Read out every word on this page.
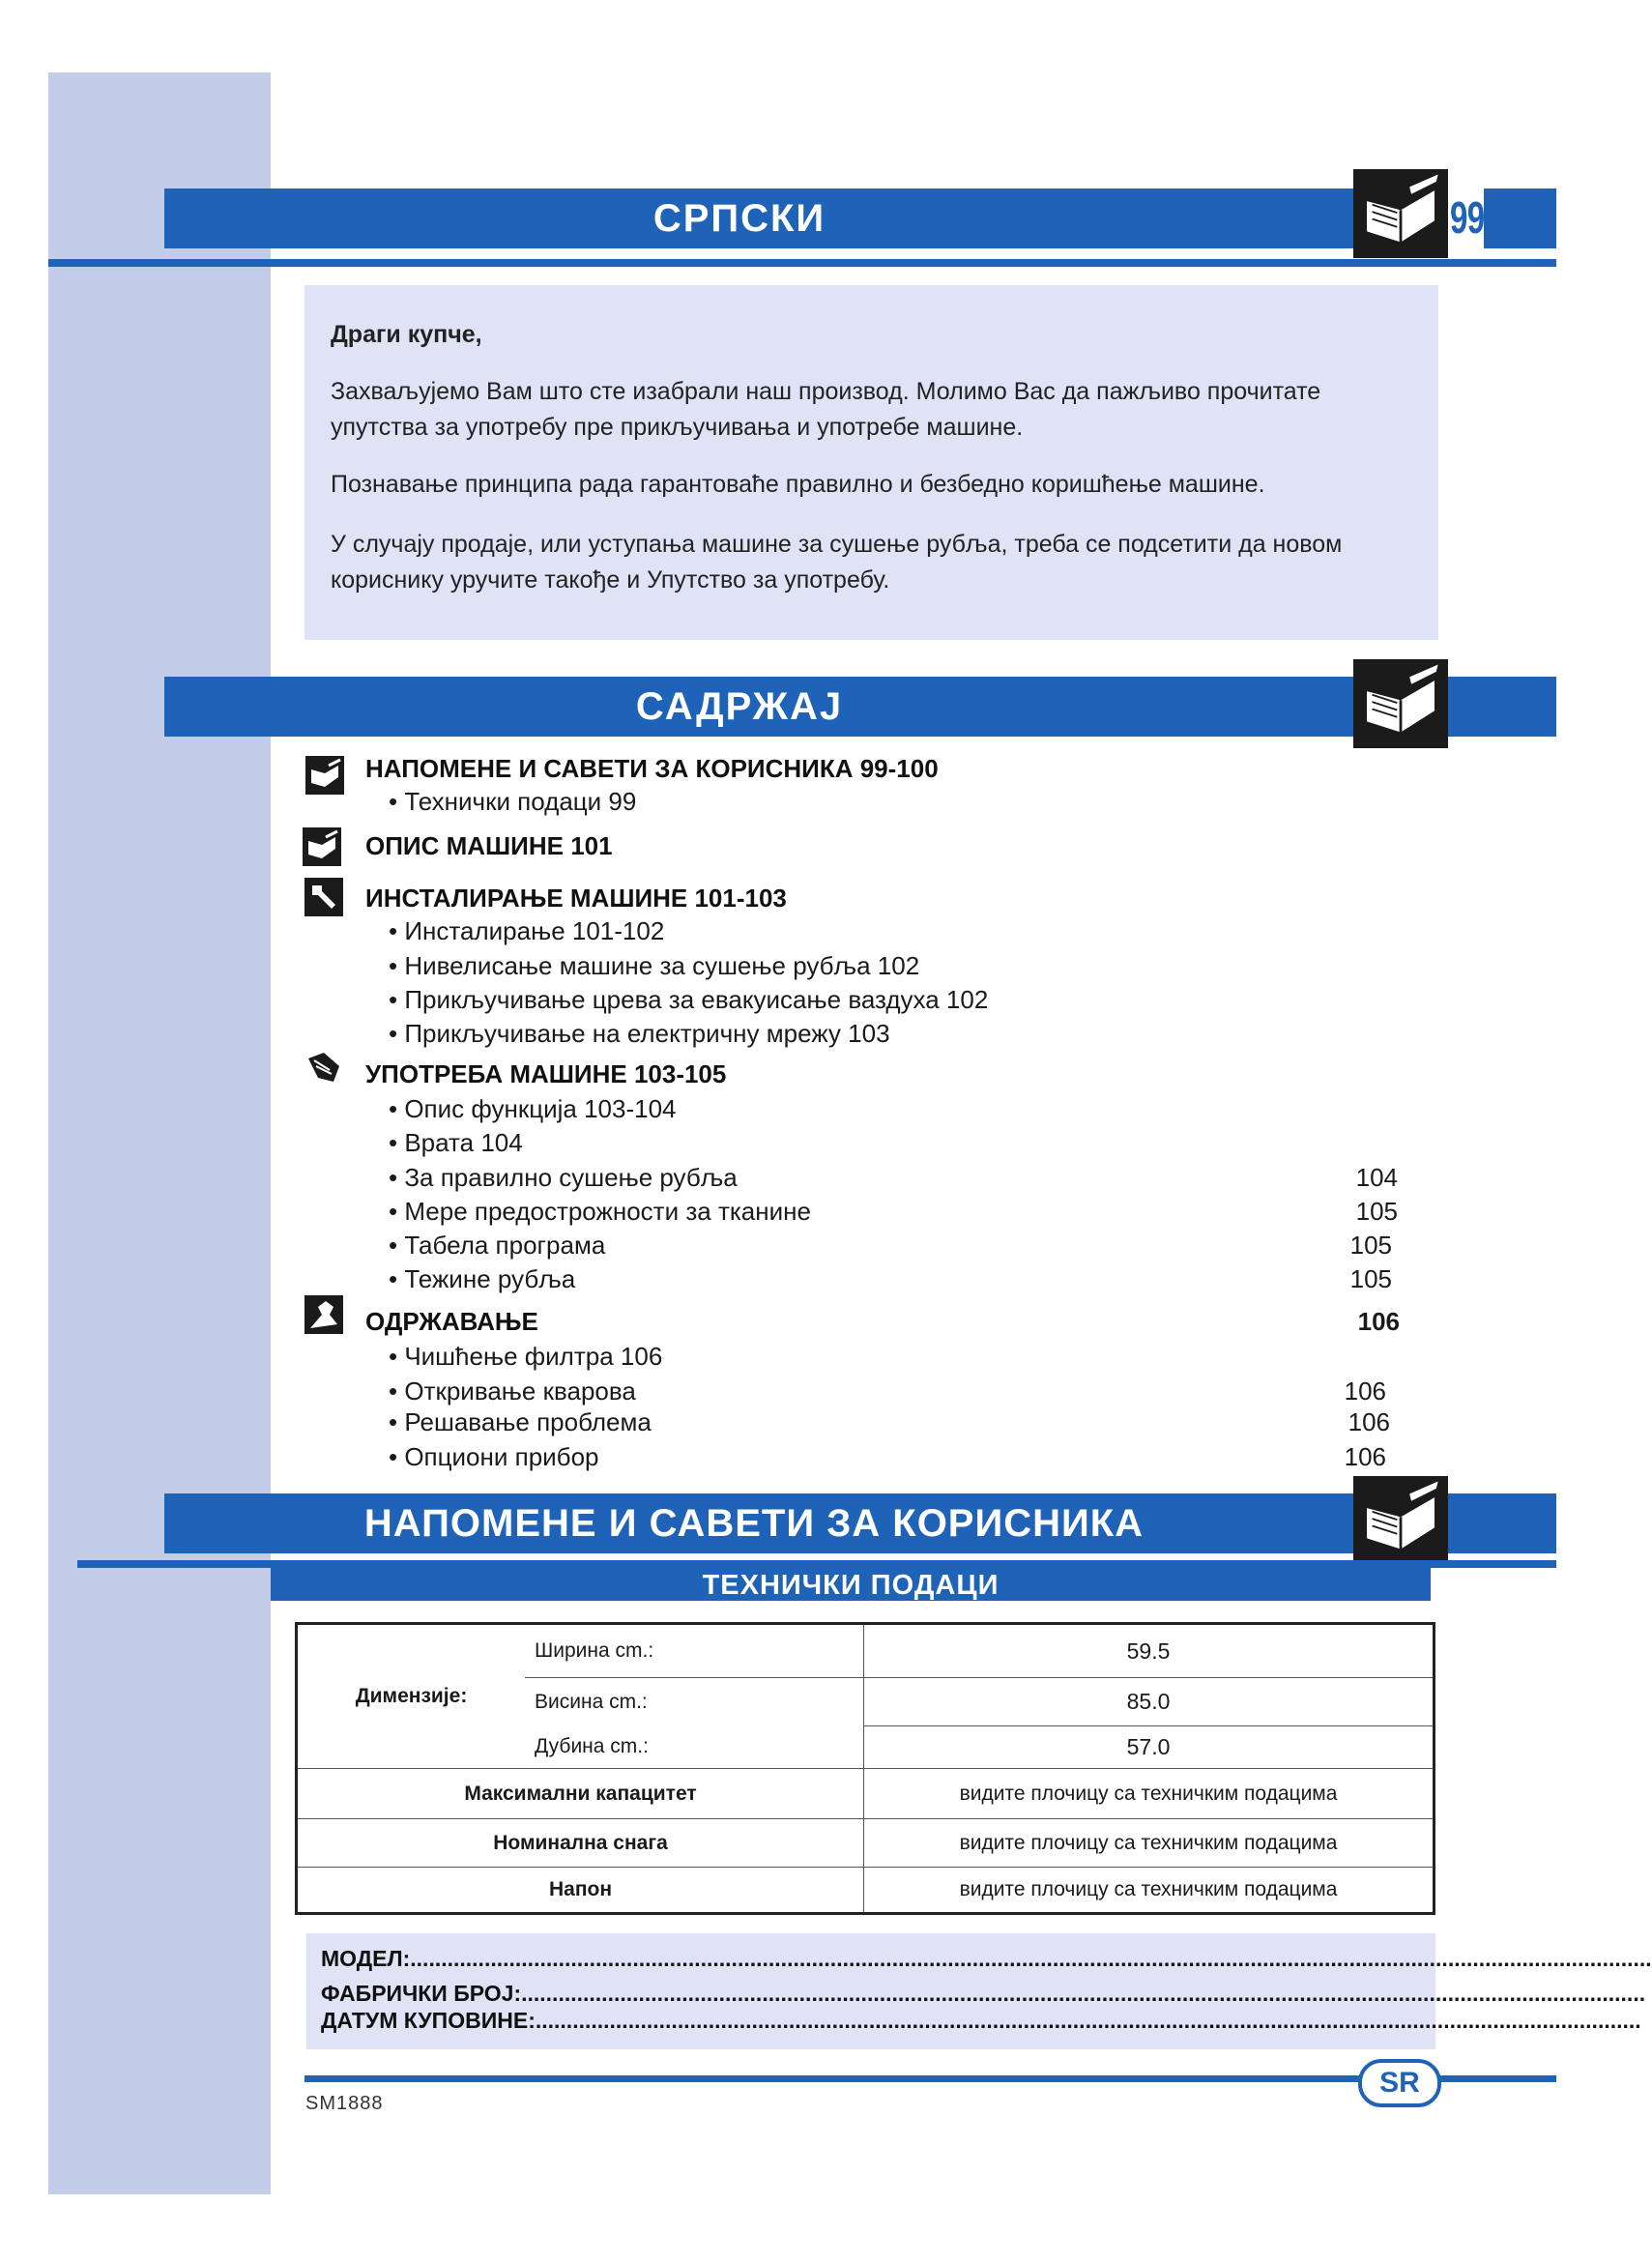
СРПСКИ	99

Драги купче,

Захваљујемо Вам што сте изабрали наш производ. Молимо Вас да пажљиво прочитате упутства за употребу пре прикључивања и употребе машине.

Познавање принципа рада гарантоваће правилно и безбедно коришћење машине.

У случају продаје, или уступања машине за сушење рубља, треба се подсетити да новом кориснику уручите такође и Упутство за употребу.

САДРЖАЈ
НАПОМЕНЕ И САВЕТИ ЗА КОРИСНИКА 99-100
• Технички подаци 99
ОПИС МАШИНЕ 101
ИНСТАЛИРАЊЕ МАШИНЕ 101-103
• Инсталирање 101-102
• Нивелисање машине за сушење рубља 102
• Прикључивање црева за евакуисање ваздуха 102
• Прикључивање на електричну мрежу 103
УПОТРЕБА МАШИНЕ 103-105
• Опис функција 103-104
• Врата 104
• За правилно сушење рубља	104
• Мере предострожности за тканине	105
• Табела програма	105
• Тежине рубља	105
ОДРЖАВАЊЕ	106
• Чишћење филтра 106
• Откривање кварова	106
• Решавање проблема	106
• Опциони прибор	106
НАПОМЕНЕ И САВЕТИ ЗА КОРИСНИКА
ТЕХНИЧКИ ПОДАЦИ
Димензије:	Ширина cm.:	59.5
	Висина cm.:	85.0
	Дубина cm.:	57.0
Максимални капацитет		видите плочицу са техничким подацима
Номинална снага		видите плочицу са техничким подацима
Напон		видите плочицу са техничким подацима
МОДЕЛ:.........................................................................................................................................................................................................
ФАБРИЧКИ БРОЈ:......................................................................................................................................................................................
ДАТУМ КУПОВИНЕ:...................................................................................................................................................................................
SR
SM1888
